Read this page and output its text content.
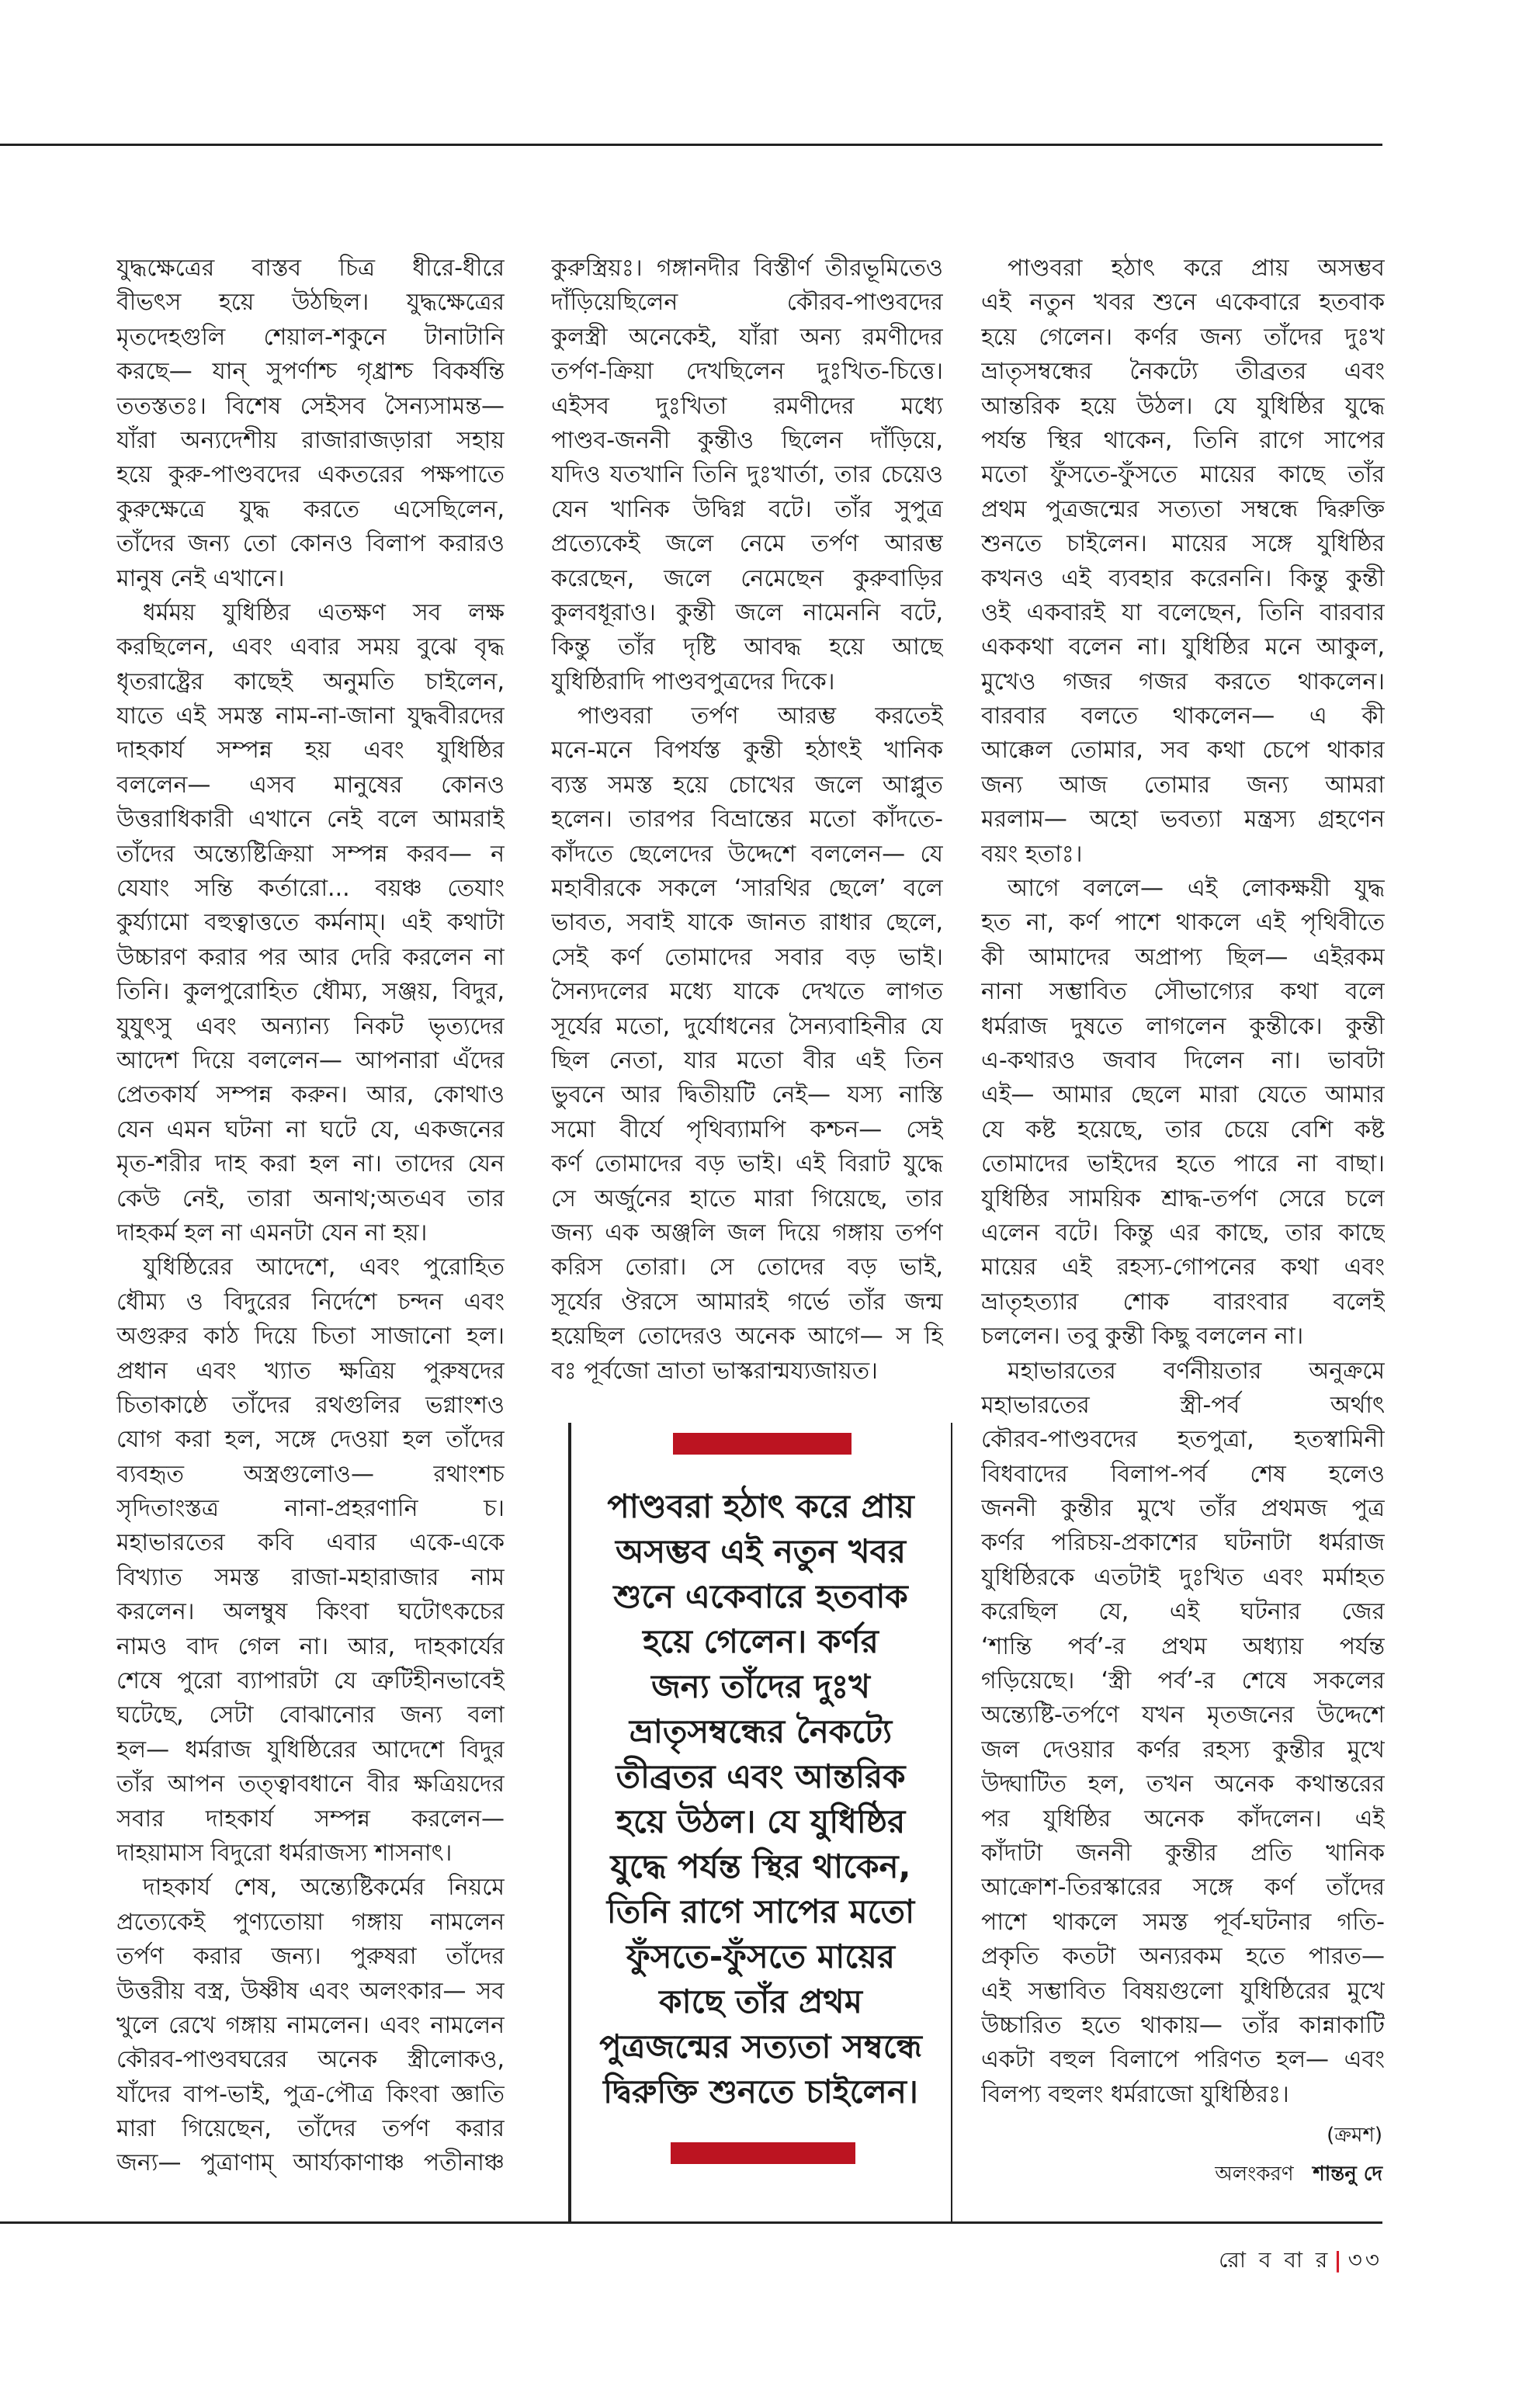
যুদ্ধক্ষেত্রের বাস্তব চিত্র ধীরে-ধীরে
বীভৎস হয়ে উঠছিল। যুদ্ধক্ষেত্রের
মৃতদেহগুলি শেয়াল-শকুনে টানাটানি
করছে— যান্‌ সুপর্ণাশ্চ গৃধ্রাশ্চ বিকর্ষন্তি
ততস্ততঃ। বিশেষ সেইসব সৈন্যসামন্ত—
যাঁরা অন্যদেশীয় রাজারাজড়ারা সহায়
হয়ে কুরু-পাণ্ডবদের একতরের পক্ষপাতে
কুরুক্ষেত্রে যুদ্ধ করতে এসেছিলেন,
তাঁদের জন্য তো কোনও বিলাপ করারও
মানুষ নেই এখানে।
ধর্মময় যুধিষ্ঠির এতক্ষণ সব লক্ষ
করছিলেন, এবং এবার সময় বুঝে বৃদ্ধ
ধৃতরাষ্ট্রের কাছেই অনুমতি চাইলেন,
যাতে এই সমস্ত নাম-না-জানা যুদ্ধবীরদের
দাহকার্য সম্পন্ন হয় এবং যুধিষ্ঠির
বললেন— এসব মানুষের কোনও
উত্তরাধিকারী এখানে নেই বলে আমরাই
তাঁদের অন্ত্যেষ্টিক্রিয়া সম্পন্ন করব— ন
যেযাং সন্তি কর্তারো... বয়ঞ্চ তেযাং
কুর্য্যামো বহুত্বাত্ততে কর্মনাম্‌। এই কথাটা
উচ্চারণ করার পর আর দেরি করলেন না
তিনি। কুলপুরোহিত ধৌম্য, সঞ্জয়, বিদুর,
যুযুৎসু এবং অন্যান্য নিকট ভৃত্যদের
আদেশ দিয়ে বললেন— আপনারা এঁদের
প্রেতকার্য সম্পন্ন করুন। আর, কোথাও
যেন এমন ঘটনা না ঘটে যে, একজনের
মৃত-শরীর দাহ করা হল না। তাদের যেন
কেউ নেই, তারা অনাথ;অতএব তার
দাহকর্ম হল না এমনটা যেন না হয়।
যুধিষ্ঠিরের আদেশে, এবং পুরোহিত
ধৌম্য ও বিদুরের নির্দেশে চন্দন এবং
অগুরুর কাঠ দিয়ে চিতা সাজানো হল।
প্রধান এবং খ্যাত ক্ষত্রিয় পুরুষদের
চিতাকাষ্ঠে তাঁদের রথগুলির ভগ্নাংশও
যোগ করা হল, সঙ্গে দেওয়া হল তাঁদের
ব্যবহৃত অস্ত্রগুলোও— রথাংশচ
সৃদিতাংস্তত্র নানা-প্রহরণানি চ।
মহাভারতের কবি এবার একে-একে
বিখ্যাত সমস্ত রাজা-মহারাজার নাম
করলেন। অলম্বুষ কিংবা ঘটোৎকচের
নামও বাদ গেল না। আর, দাহকার্যের
শেষে পুরো ব্যাপারটা যে ত্রুটিহীনভাবেই
ঘটেছে, সেটা বোঝানোর জন্য বলা
হল— ধর্মরাজ যুধিষ্ঠিরের আদেশে বিদুর
তাঁর আপন তত্ত্বাবধানে বীর ক্ষত্রিয়দের
সবার দাহকার্য সম্পন্ন করলেন—
দাহয়ামাস বিদুরো ধর্মরাজস্য শাসনাৎ।
দাহকার্য শেষ, অন্ত্যেষ্টিকর্মের নিয়মে
প্রত্যেকেই পুণ্যতোয়া গঙ্গায় নামলেন
তর্পণ করার জন্য। পুরুষরা তাঁদের
উত্তরীয় বস্ত্র, উষ্ণীষ এবং অলংকার— সব
খুলে রেখে গঙ্গায় নামলেন। এবং নামলেন
কৌরব-পাণ্ডবঘরের অনেক স্ত্রীলোকও,
যাঁদের বাপ-ভাই, পুত্র-পৌত্র কিংবা জ্ঞাতি
মারা গিয়েছেন, তাঁদের তর্পণ করার
জন্য— পুত্রাণাম্‌ আর্য্যকাণাঞ্চ পতীনাঞ্চ
কুরুস্ত্রিয়ঃ। গঙ্গানদীর বিস্তীর্ণ তীরভূমিতেও
দাঁড়িয়েছিলেন কৌরব-পাণ্ডবদের
কুলস্ত্রী অনেকেই, যাঁরা অন্য রমণীদের
তর্পণ-ক্রিয়া দেখছিলেন দুঃখিত-চিত্তে।
এইসব দুঃখিতা রমণীদের মধ্যে
পাণ্ডব-জননী কুন্তীও ছিলেন দাঁড়িয়ে,
যদিও যতখানি তিনি দুঃখার্তা, তার চেয়েও
যেন খানিক উদ্বিগ্ন বটে। তাঁর সুপুত্র
প্রত্যেকেই জলে নেমে তর্পণ আরম্ভ
করেছেন, জলে নেমেছেন কুরুবাড়ির
কুলবধূরাও। কুন্তী জলে নামেননি বটে,
কিন্তু তাঁর দৃষ্টি আবদ্ধ হয়ে আছে
যুধিষ্ঠিরাদি পাণ্ডবপুত্রদের দিকে।
পাণ্ডবরা তর্পণ আরম্ভ করতেই
মনে-মনে বিপর্যস্ত কুন্তী হঠাৎই খানিক
ব্যস্ত সমস্ত হয়ে চোখের জলে আপ্লুত
হলেন। তারপর বিভ্রান্তের মতো কাঁদতে-
কাঁদতে ছেলেদের উদ্দেশে বললেন— যে
মহাবীরকে সকলে ‘সারথির ছেলে’ বলে
ভাবত, সবাই যাকে জানত রাধার ছেলে,
সেই কর্ণ তোমাদের সবার বড় ভাই।
সৈন্যদলের মধ্যে যাকে দেখতে লাগত
সূর্যের মতো, দুর্যোধনের সৈন্যবাহিনীর যে
ছিল নেতা, যার মতো বীর এই তিন
ভুবনে আর দ্বিতীয়টি নেই— যস্য নাস্তি
সমো বীর্যে পৃথিব্যামপি কশ্চন— সেই
কর্ণ তোমাদের বড় ভাই। এই বিরাট যুদ্ধে
সে অর্জুনের হাতে মারা গিয়েছে, তার
জন্য এক অঞ্জলি জল দিয়ে গঙ্গায় তর্পণ
করিস তোরা। সে তোদের বড় ভাই,
সূর্যের ঔরসে আমারই গর্ভে তাঁর জন্ম
হয়েছিল তোদেরও অনেক আগে— স হি
বঃ পূর্বজো ভ্রাতা ভাস্করান্ময্যজায়ত।
পাণ্ডবরা হঠাৎ করে প্রায় অসম্ভব
এই নতুন খবর শুনে একেবারে হতবাক
হয়ে গেলেন। কর্ণর জন্য তাঁদের দুঃখ
ভ্রাতৃসম্বন্ধের নৈকট্যে তীব্রতর এবং
আন্তরিক হয়ে উঠল। যে যুধিষ্ঠির যুদ্ধে
পর্যন্ত স্থির থাকেন, তিনি রাগে সাপের
মতো ফুঁসতে-ফুঁসতে মায়ের কাছে তাঁর
প্রথম পুত্রজন্মের সত্যতা সম্বন্ধে দ্বিরুক্তি
শুনতে চাইলেন। মায়ের সঙ্গে যুধিষ্ঠির
কখনও এই ব্যবহার করেননি। কিন্তু কুন্তী
ওই একবারই যা বলেছেন, তিনি বারবার
এককথা বলেন না। যুধিষ্ঠির মনে আকুল,
মুখেও গজর গজর করতে থাকলেন।
বারবার বলতে থাকলেন— এ কী
আক্কেল তোমার, সব কথা চেপে থাকার
জন্য আজ তোমার জন্য আমরা
মরলাম— অহো ভবত্যা মন্ত্রস্য গ্রহণেন
বয়ং হতাঃ।
আগে বললে— এই লোকক্ষয়ী যুদ্ধ
হত না, কর্ণ পাশে থাকলে এই পৃথিবীতে
কী আমাদের অপ্রাপ্য ছিল— এইরকম
নানা সম্ভাবিত সৌভাগ্যের কথা বলে
ধর্মরাজ দুষতে লাগলেন কুন্তীকে। কুন্তী
এ-কথারও জবাব দিলেন না। ভাবটা
এই— আমার ছেলে মারা যেতে আমার
যে কষ্ট হয়েছে, তার চেয়ে বেশি কষ্ট
তোমাদের ভাইদের হতে পারে না বাছা।
যুধিষ্ঠির সাময়িক শ্রাদ্ধ-তর্পণ সেরে চলে
এলেন বটে। কিন্তু এর কাছে, তার কাছে
মায়ের এই রহস্য-গোপনের কথা এবং
ভ্রাতৃহত্যার শোক বারংবার বলেই
চললেন। তবু কুন্তী কিছু বললেন না।
মহাভারতের বর্ণনীয়তার অনুক্রমে
মহাভারতের স্ত্রী-পর্ব অর্থাৎ
কৌরব-পাণ্ডবদের হতপুত্রা, হতস্বামিনী
বিধবাদের বিলাপ-পর্ব শেষ হলেও
জননী কুন্তীর মুখে তাঁর প্রথমজ পুত্র
কর্ণর পরিচয়-প্রকাশের ঘটনাটা ধর্মরাজ
যুধিষ্ঠিরকে এতটাই দুঃখিত এবং মর্মাহত
করেছিল যে, এই ঘটনার জের
‘শান্তি পর্ব’-র প্রথম অধ্যায় পর্যন্ত
গড়িয়েছে। ‘স্ত্রী পর্ব’-র শেষে সকলের
অন্ত্যেষ্টি-তর্পণে যখন মৃতজনের উদ্দেশে
জল দেওয়ার কর্ণর রহস্য কুন্তীর মুখে
উদ্ঘাটিত হল, তখন অনেক কথান্তরের
পর যুধিষ্ঠির অনেক কাঁদলেন। এই
কাঁদাটা জননী কুন্তীর প্রতি খানিক
আক্রোশ-তিরস্কারের সঙ্গে কর্ণ তাঁদের
পাশে থাকলে সমস্ত পূর্ব-ঘটনার গতি-
প্রকৃতি কতটা অন্যরকম হতে পারত—
এই সম্ভাবিত বিষয়গুলো যুধিষ্ঠিরের মুখে
উচ্চারিত হতে থাকায়— তাঁর কান্নাকাটি
একটা বহুল বিলাপে পরিণত হল— এবং
বিলপ্য বহুলং ধর্মরাজো যুধিষ্ঠিরঃ।
পাণ্ডবরা হঠাৎ করে প্রায়
অসম্ভব এই নতুন খবর
শুনে একেবারে হতবাক
হয়ে গেলেন। কর্ণর
জন্য তাঁদের দুঃখ
ভ্রাতৃসম্বন্ধের নৈকট্যে
তীব্রতর এবং আন্তরিক
হয়ে উঠল। যে যুধিষ্ঠির
যুদ্ধে পর্যন্ত স্থির থাকেন,
তিনি রাগে সাপের মতো
ফুঁসতে-ফুঁসতে মায়ের
কাছে তাঁর প্রথম
পুত্রজন্মের সত্যতা সম্বন্ধে
দ্বিরুক্তি শুনতে চাইলেন।
(ক্রমশ)
অলংকরণ শান্তনু দে
রো ব বা র | ৩৩
